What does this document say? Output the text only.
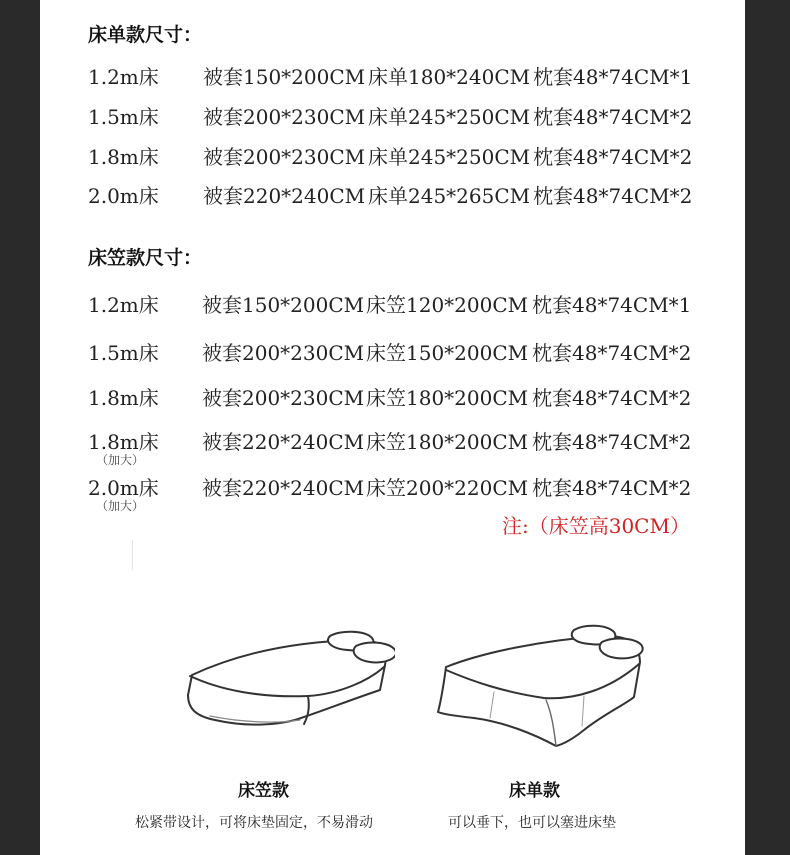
床单款尺寸：
1.2m床 被套150*200CM 床单180*240CM 枕套48*74CM*1
1.5m床 被套200*230CM 床单245*250CM 枕套48*74CM*2
1.8m床 被套200*230CM 床单245*250CM 枕套48*74CM*2
2.0m床 被套220*240CM 床单245*265CM 枕套48*74CM*2
床笠款尺寸：
1.2m床 被套150*200CM 床笠120*200CM 枕套48*74CM*1
1.5m床 被套200*230CM 床笠150*200CM 枕套48*74CM*2
1.8m床 被套200*230CM 床笠180*200CM 枕套48*74CM*2
1.8m床 被套220*240CM 床笠180*200CM 枕套48*74CM*2
（加大）
2.0m床 被套220*240CM 床笠200*220CM 枕套48*74CM*2
（加大）
注:（床笠高30CM）
床笠款
松紧带设计，可将床垫固定，不易滑动
床单款
可以垂下，也可以塞进床垫
